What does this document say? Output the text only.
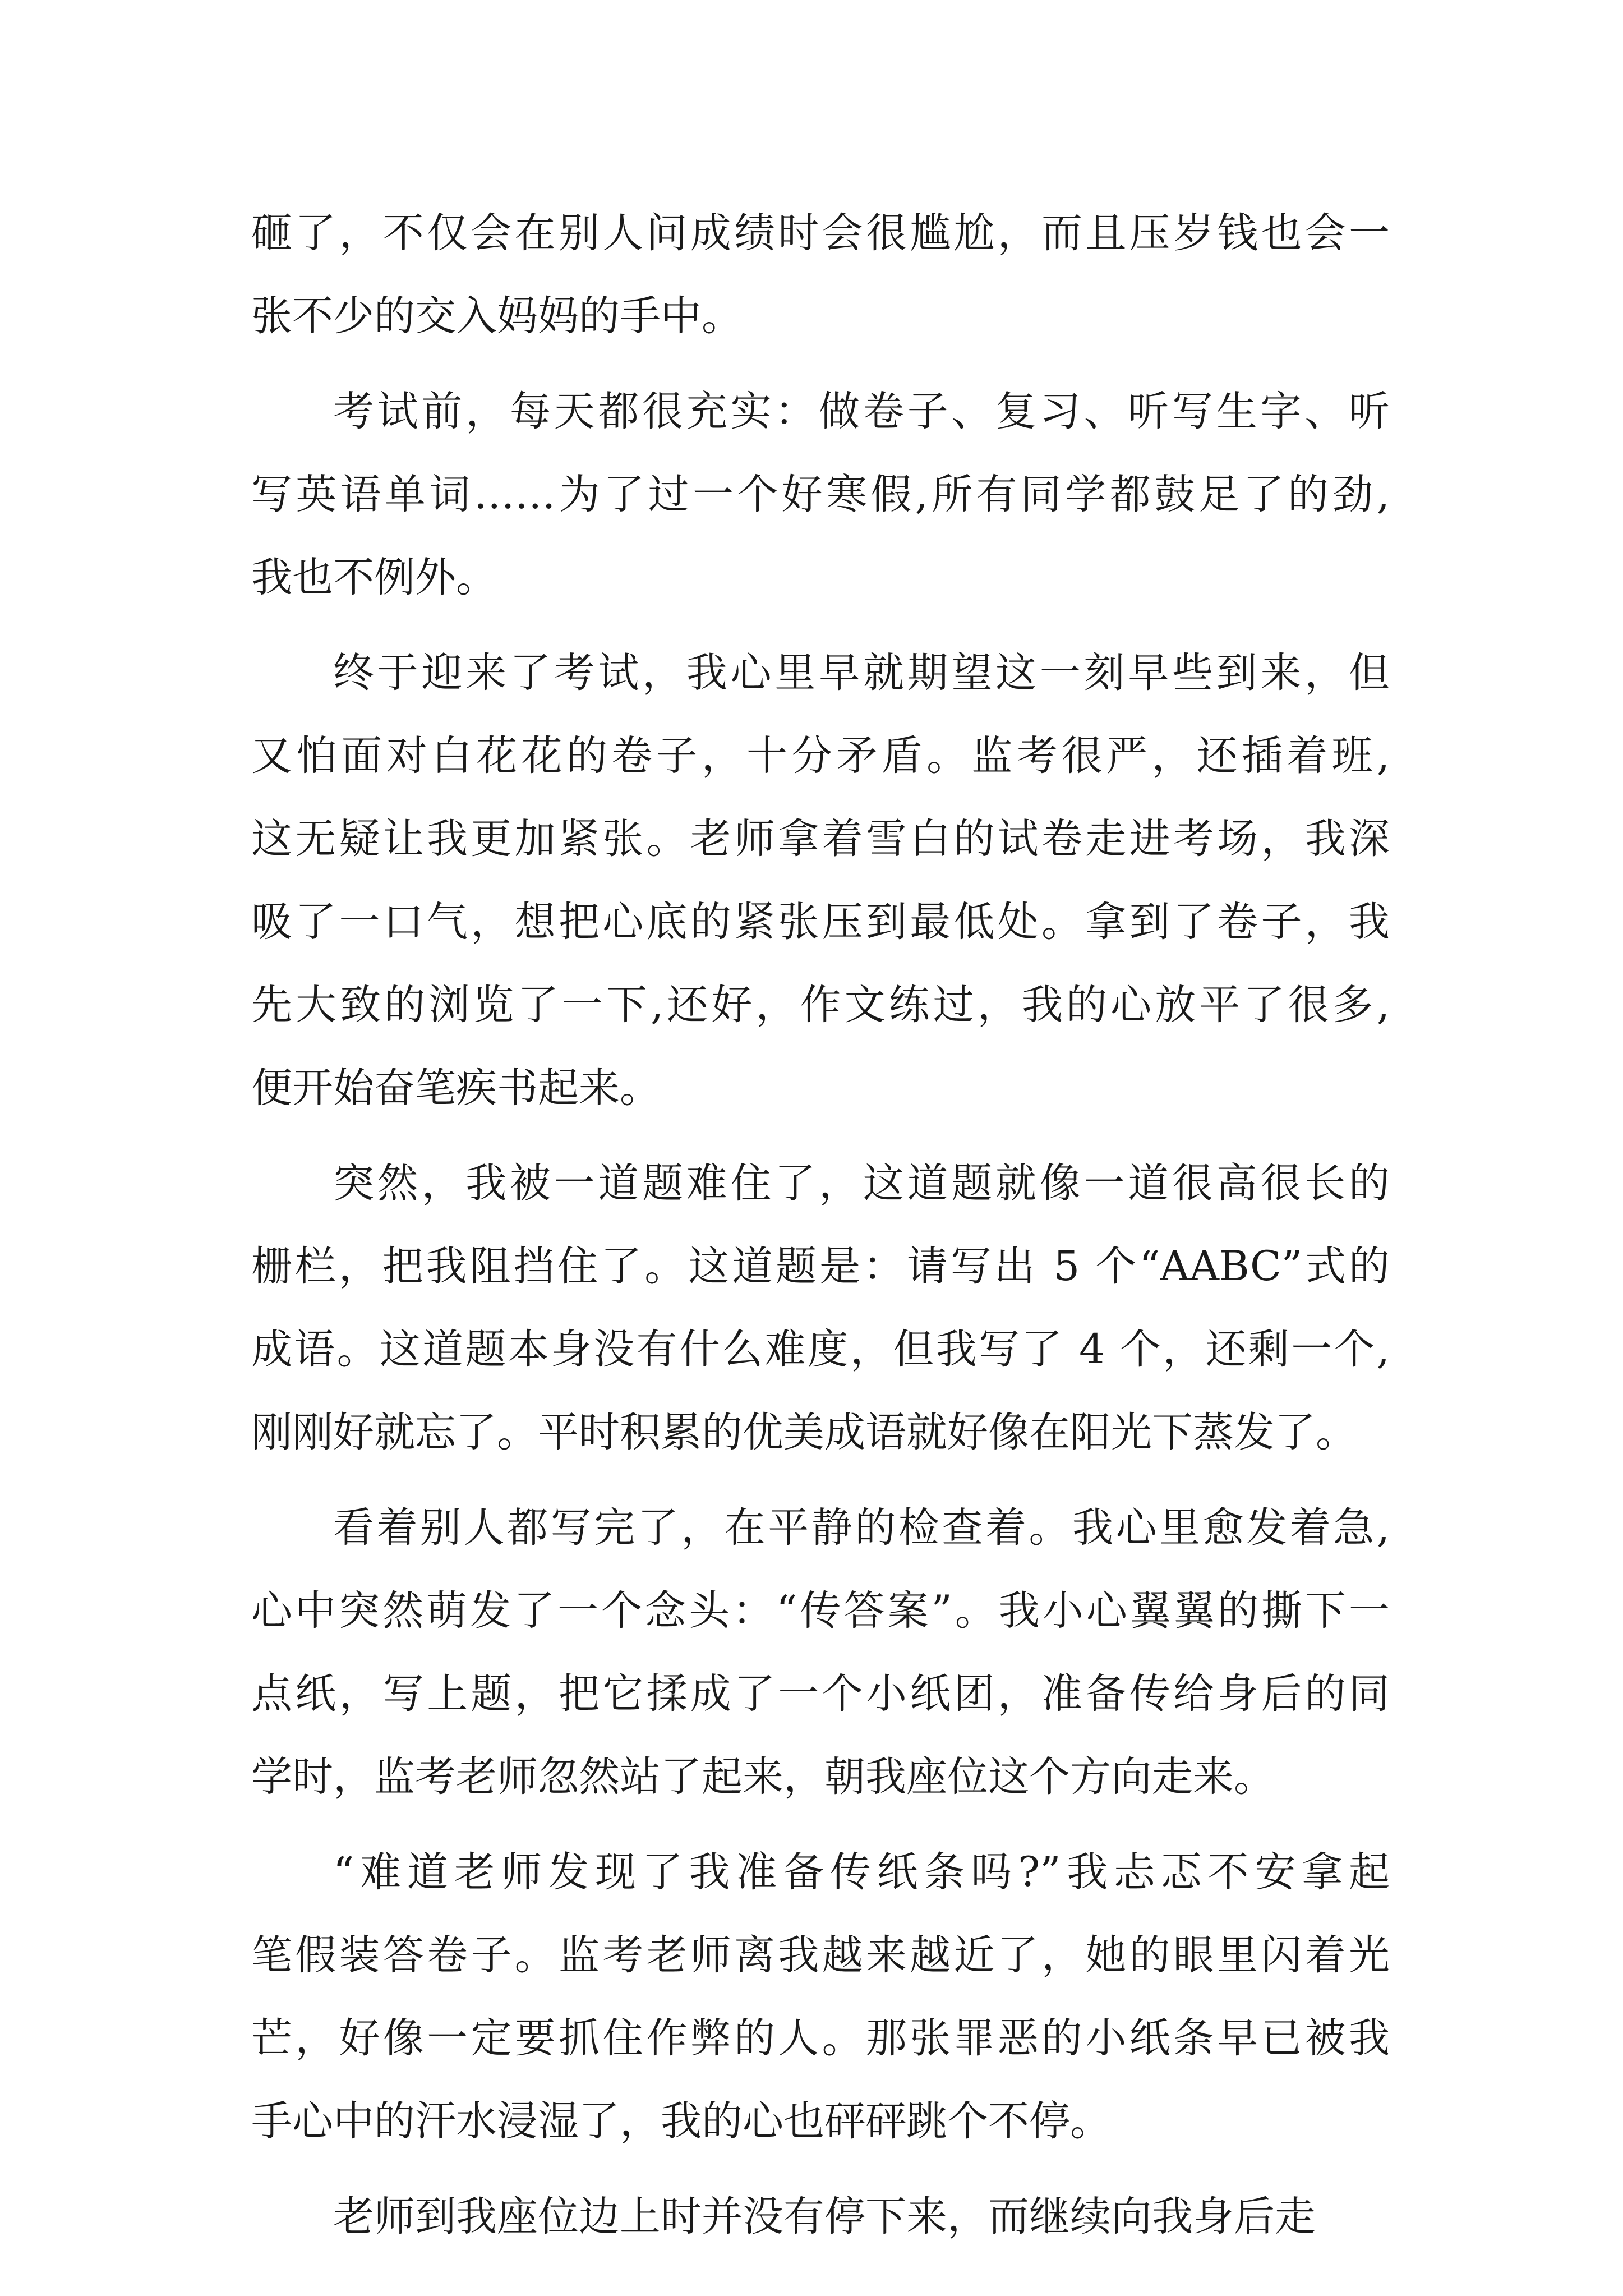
砸了，不仅会在别人问成绩时会很尴尬，而且压岁钱也会一
张不少的交入妈妈的手中。
考试前，每天都很充实：做卷子、复习、听写生字、听
写英语单词……为了过一个好寒假,所有同学都鼓足了的劲,
我也不例外。
终于迎来了考试，我心里早就期望这一刻早些到来，但
又怕面对白花花的卷子，十分矛盾。监考很严，还插着班,
这无疑让我更加紧张。老师拿着雪白的试卷走进考场，我深
吸了一口气，想把心底的紧张压到最低处。拿到了卷子，我
先大致的浏览了一下,还好，作文练过，我的心放平了很多,
便开始奋笔疾书起来。
突然，我被一道题难住了，这道题就像一道很高很长的
栅栏，把我阻挡住了。这道题是：请写出 5 个“AABC”式的
成语。这道题本身没有什么难度，但我写了 4 个，还剩一个,
刚刚好就忘了。平时积累的优美成语就好像在阳光下蒸发了。
看着别人都写完了，在平静的检查着。我心里愈发着急,
心中突然萌发了一个念头：“传答案”。我小心翼翼的撕下一
点纸，写上题，把它揉成了一个小纸团，准备传给身后的同
学时，监考老师忽然站了起来，朝我座位这个方向走来。
“难道老师发现了我准备传纸条吗?”我忐忑不安拿起
笔假装答卷子。监考老师离我越来越近了，她的眼里闪着光
芒，好像一定要抓住作弊的人。那张罪恶的小纸条早已被我
手心中的汗水浸湿了，我的心也砰砰跳个不停。
老师到我座位边上时并没有停下来，而继续向我身后走
